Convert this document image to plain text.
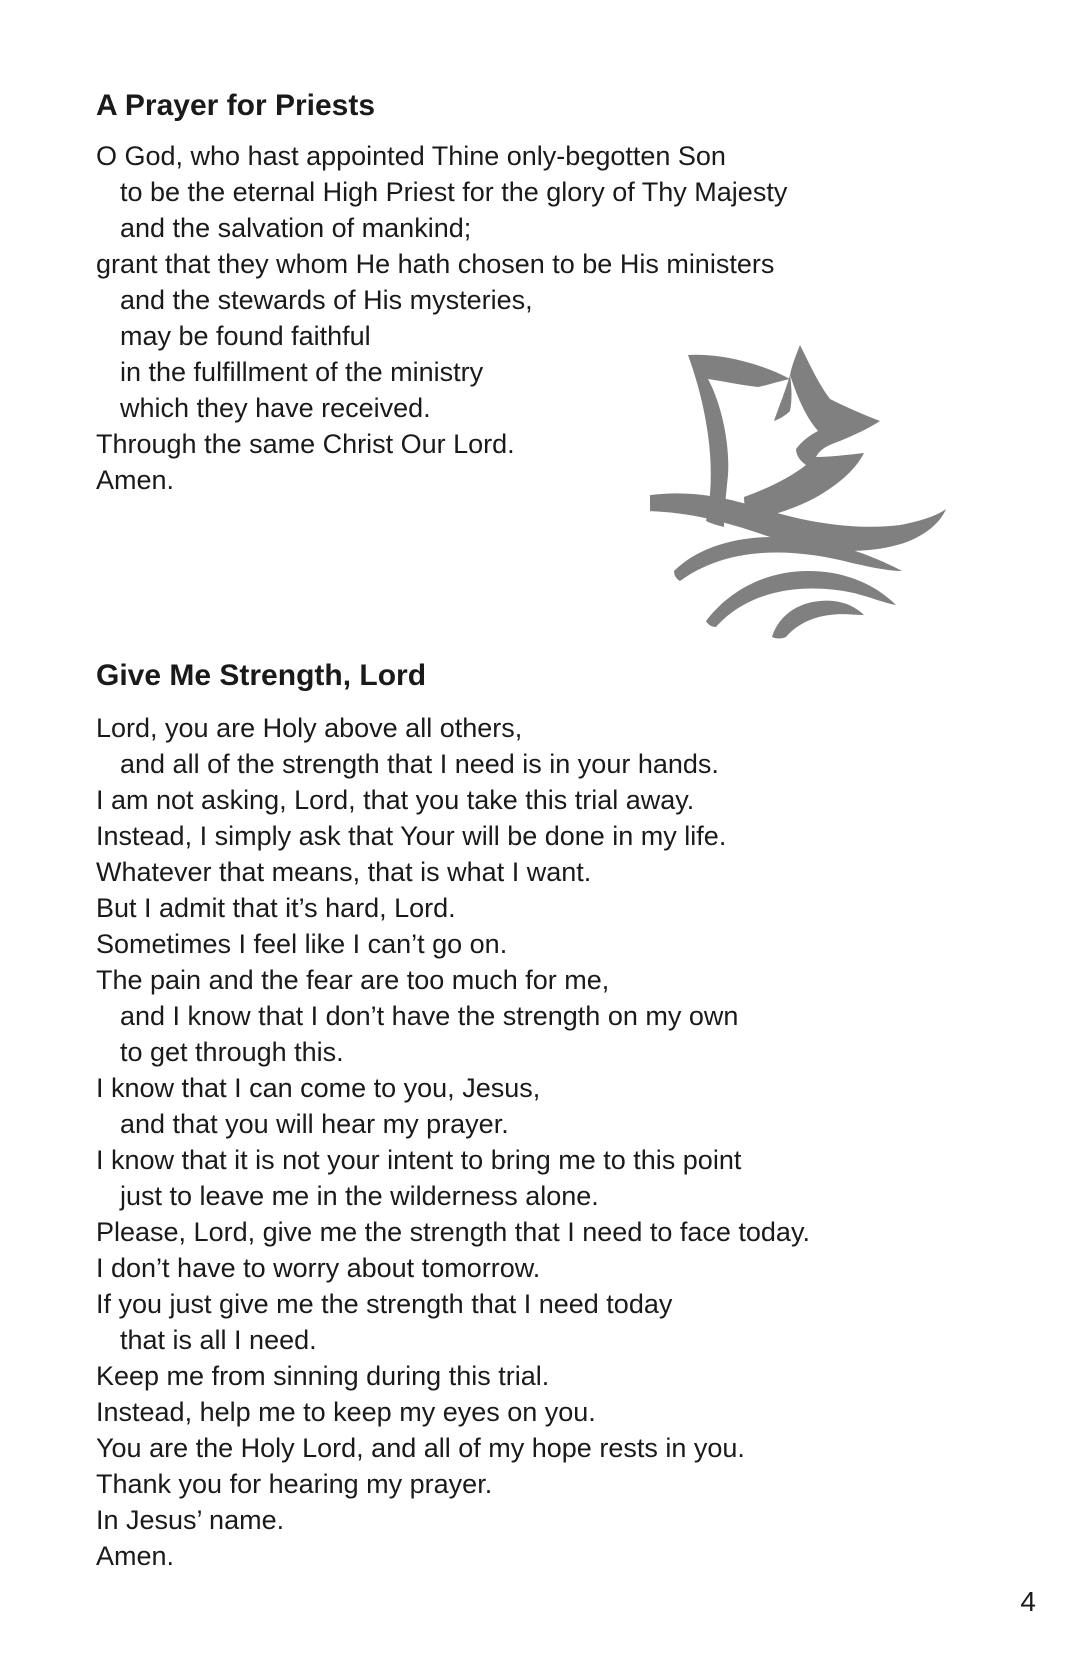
A Prayer for Priests
O God, who hast appointed Thine only-begotten Son
to be the eternal High Priest for the glory of Thy Majesty
and the salvation of mankind;
grant that they whom He hath chosen to be His ministers
and the stewards of His mysteries,
may be found faithful
in the fulfillment of the ministry
which they have received.
Through the same Christ Our Lord.
Amen.
Give Me Strength, Lord
Lord, you are Holy above all others,
and all of the strength that I need is in your hands.
I am not asking, Lord, that you take this trial away.
Instead, I simply ask that Your will be done in my life.
Whatever that means, that is what I want.
But I admit that it’s hard, Lord.
Sometimes I feel like I can’t go on.
The pain and the fear are too much for me,
and I know that I don’t have the strength on my own
to get through this.
I know that I can come to you, Jesus,
and that you will hear my prayer.
I know that it is not your intent to bring me to this point
just to leave me in the wilderness alone.
Please, Lord, give me the strength that I need to face today.
I don’t have to worry about tomorrow.
If you just give me the strength that I need today
that is all I need.
Keep me from sinning during this trial.
Instead, help me to keep my eyes on you.
You are the Holy Lord, and all of my hope rests in you.
Thank you for hearing my prayer.
In Jesus’ name.
Amen.
4
